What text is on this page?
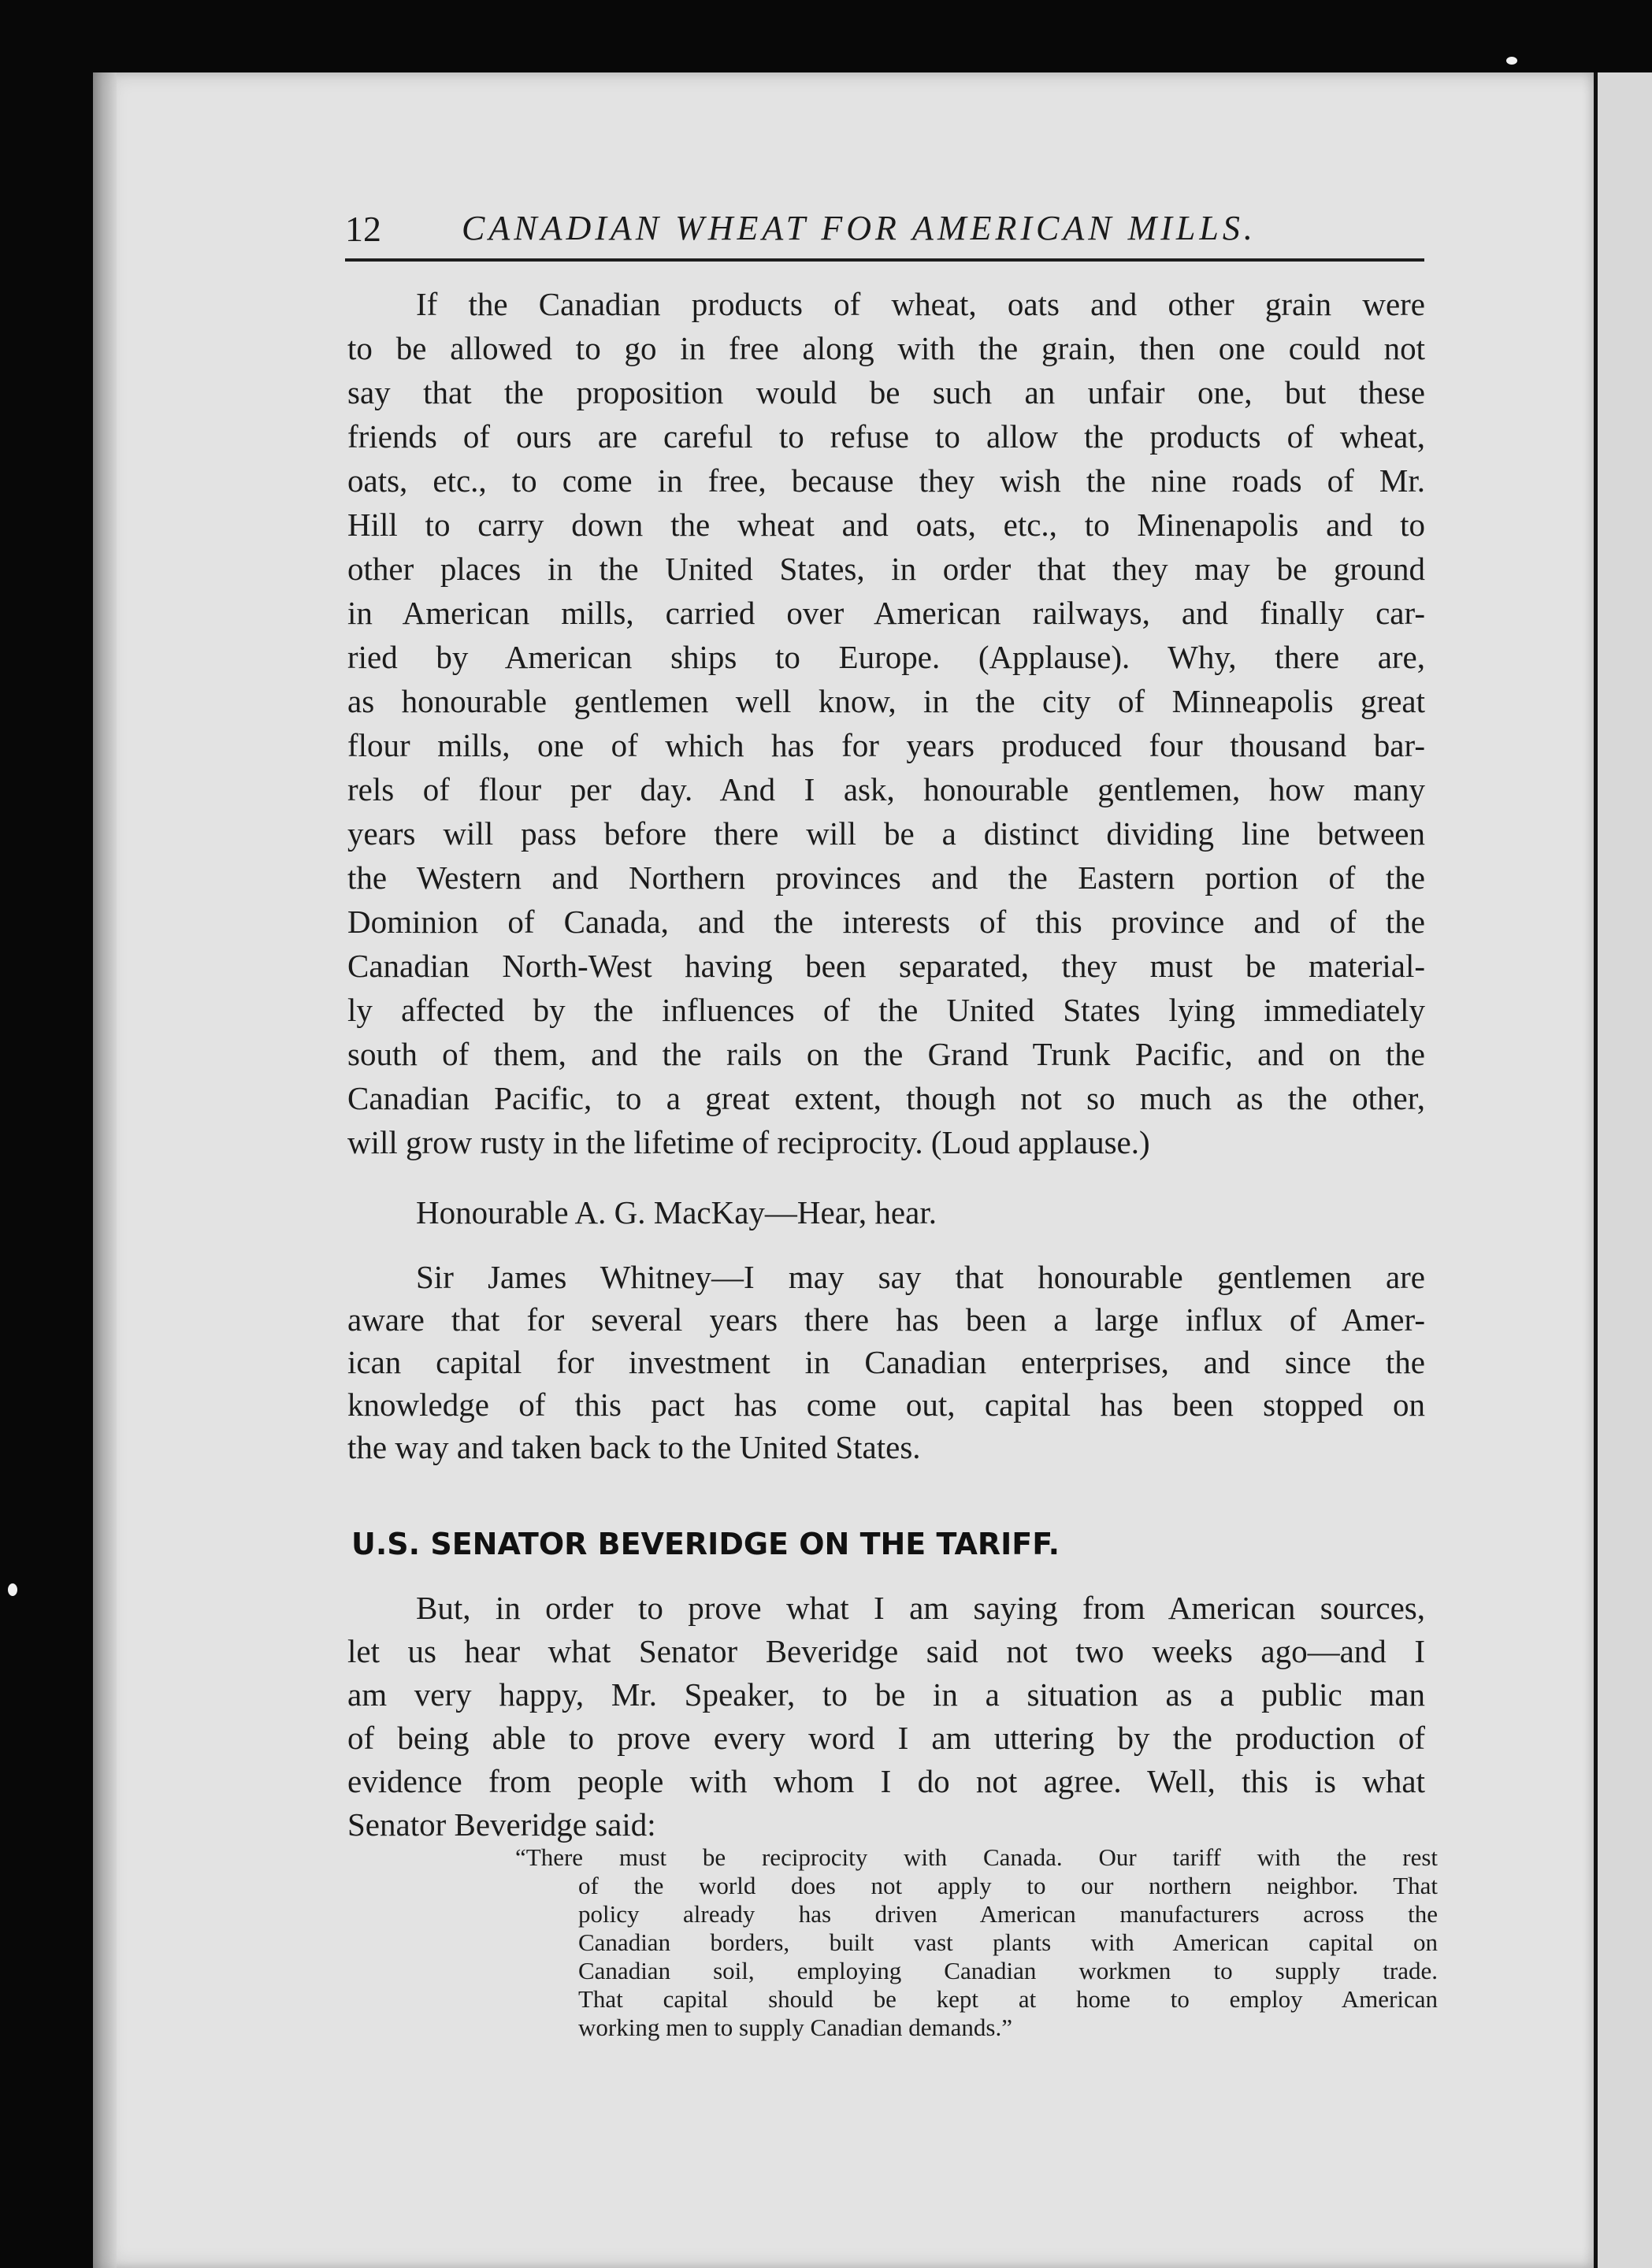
12 CANADIAN WHEAT FOR AMERICAN MILLS.
If the Canadian products of wheat, oats and other grain were
to be allowed to go in free along with the grain, then one could not
say that the proposition would be such an unfair one, but these
friends of ours are careful to refuse to allow the products of wheat,
oats, etc., to come in free, because they wish the nine roads of Mr.
Hill to carry down the wheat and oats, etc., to Minenapolis and to
other places in the United States, in order that they may be ground
in American mills, carried over American railways, and finally car-
ried by American ships to Europe. (Applause). Why, there are,
as honourable gentlemen well know, in the city of Minneapolis great
flour mills, one of which has for years produced four thousand bar-
rels of flour per day. And I ask, honourable gentlemen, how many
years will pass before there will be a distinct dividing line between
the Western and Northern provinces and the Eastern portion of the
Dominion of Canada, and the interests of this province and of the
Canadian North-West having been separated, they must be material-
ly affected by the influences of the United States lying immediately
south of them, and the rails on the Grand Trunk Pacific, and on the
Canadian Pacific, to a great extent, though not so much as the other,
will grow rusty in the lifetime of reciprocity. (Loud applause.)
Honourable A. G. MacKay—Hear, hear.
Sir James Whitney—I may say that honourable gentlemen are
aware that for several years there has been a large influx of Amer-
ican capital for investment in Canadian enterprises, and since the
knowledge of this pact has come out, capital has been stopped on
the way and taken back to the United States.
U.S. SENATOR BEVERIDGE ON THE TARIFF.
But, in order to prove what I am saying from American sources,
let us hear what Senator Beveridge said not two weeks ago—and I
am very happy, Mr. Speaker, to be in a situation as a public man
of being able to prove every word I am uttering by the production of
evidence from people with whom I do not agree. Well, this is what
Senator Beveridge said:
“There must be reciprocity with Canada. Our tariff with the rest
of the world does not apply to our northern neighbor. That
policy already has driven American manufacturers across the
Canadian borders, built vast plants with American capital on
Canadian soil, employing Canadian workmen to supply trade.
That capital should be kept at home to employ American
working men to supply Canadian demands.”
